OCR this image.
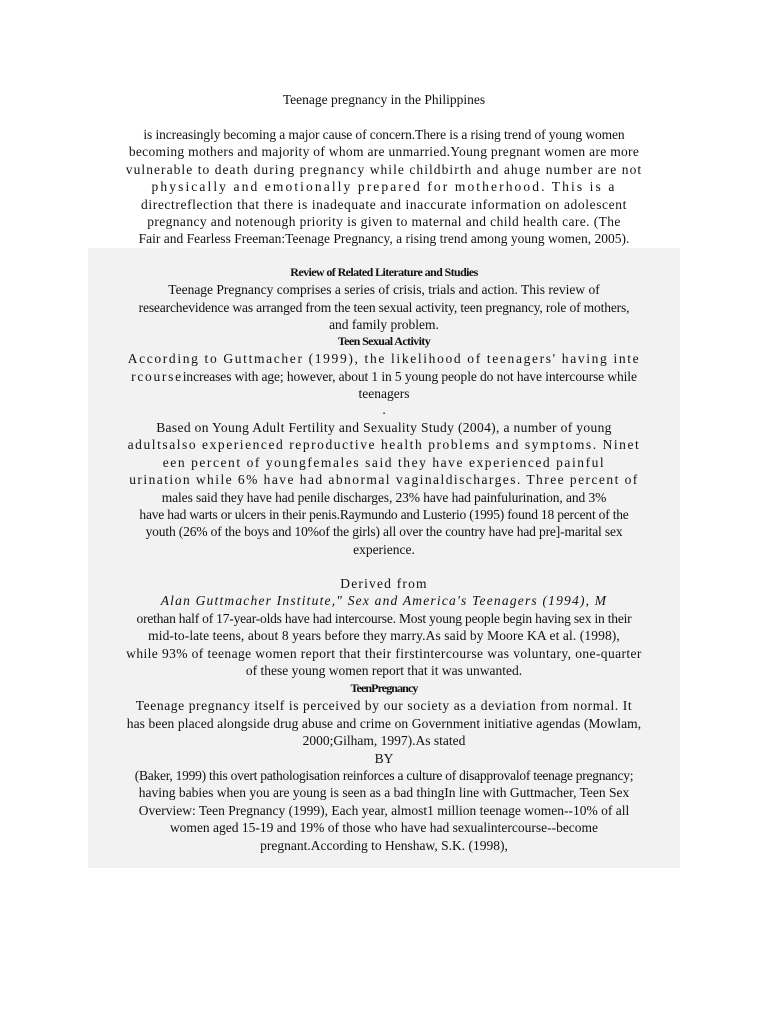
Teenage pregnancy in the Philippines

is increasingly becoming a major cause of concern.There is a rising trend of young women

becoming mothers and majority of whom are unmarried.Young pregnant women are more

vulnerable to death during pregnancy while childbirth and ahuge number are not

physically and emotionally prepared for motherhood. This is a

directreflection that there is inadequate and inaccurate information on adolescent

pregnancy and notenough priority is given to maternal and child health care. (The

Fair and Fearless Freeman:Teenage Pregnancy, a rising trend among young women, 2005).

Review of Related Literature and Studies

Teenage Pregnancy comprises a series of crisis, trials and action. This review of

researchevidence was arranged from the teen sexual activity, teen pregnancy, role of mothers,

and family problem.

Teen Sexual Activity

According to Guttmacher (1999), the likelihood of teenagers' having inte

rcourseincreases with age; however, about 1 in 5 young people do not have intercourse while

teenagers

.

Based on Young Adult Fertility and Sexuality Study (2004), a number of young

adultsalso experienced reproductive health problems and symptoms. Ninet

een percent of youngfemales said they have experienced painful

urination while 6% have had abnormal vaginaldischarges. Three percent of

males said they have had penile discharges, 23% have had painfulurination, and 3%

have had warts or ulcers in their penis.Raymundo and Lusterio (1995) found 18 percent of the

youth (26% of the boys and 10%of the girls) all over the country have had pre]-marital sex

experience.

Derived from

Alan Guttmacher Institute," Sex and America's Teenagers (1994), M

orethan half of 17-year-olds have had intercourse. Most young people begin having sex in their

mid-to-late teens, about 8 years before they marry.As said by Moore KA et al. (1998),

while 93% of teenage women report that their firstintercourse was voluntary, one-quarter

of these young women report that it was unwanted.

TeenPregnancy

Teenage pregnancy itself is perceived by our society as a deviation from normal. It

has been placed alongside drug abuse and crime on Government initiative agendas (Mowlam,

2000;Gilham, 1997).As stated

BY

(Baker, 1999) this overt pathologisation reinforces a culture of disapprovalof teenage pregnancy;

having babies when you are young is seen as a bad thingIn line with Guttmacher, Teen Sex

Overview: Teen Pregnancy (1999), Each year, almost1 million teenage women--10% of all

women aged 15-19 and 19% of those who have had sexualintercourse--become

pregnant.According to Henshaw, S.K. (1998),
